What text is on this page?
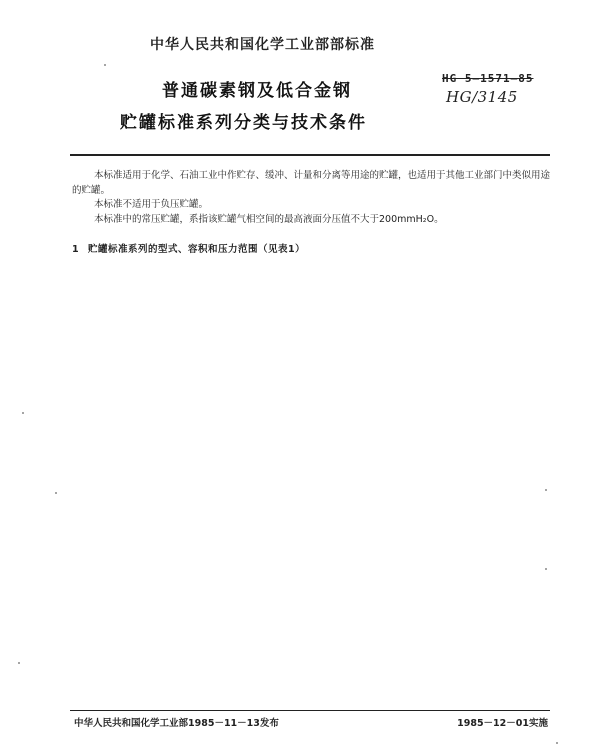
中华人民共和国化学工业部部标准
普通碳素钢及低合金钢
贮罐标准系列分类与技术条件
HG 5—1571—85
HG/3145
本标准适用于化学、石油工业中作贮存、缓冲、计量和分离等用途的贮罐，也适用于其他工业部门中类似用途的贮罐。
本标准不适用于负压贮罐。
本标准中的常压贮罐，系指该贮罐气相空间的最高液面分压值不大于200mmH₂O。
1 贮罐标准系列的型式、容积和压力范围（见表1）
中华人民共和国化学工业部1985－11－13发布	1985－12－01实施
